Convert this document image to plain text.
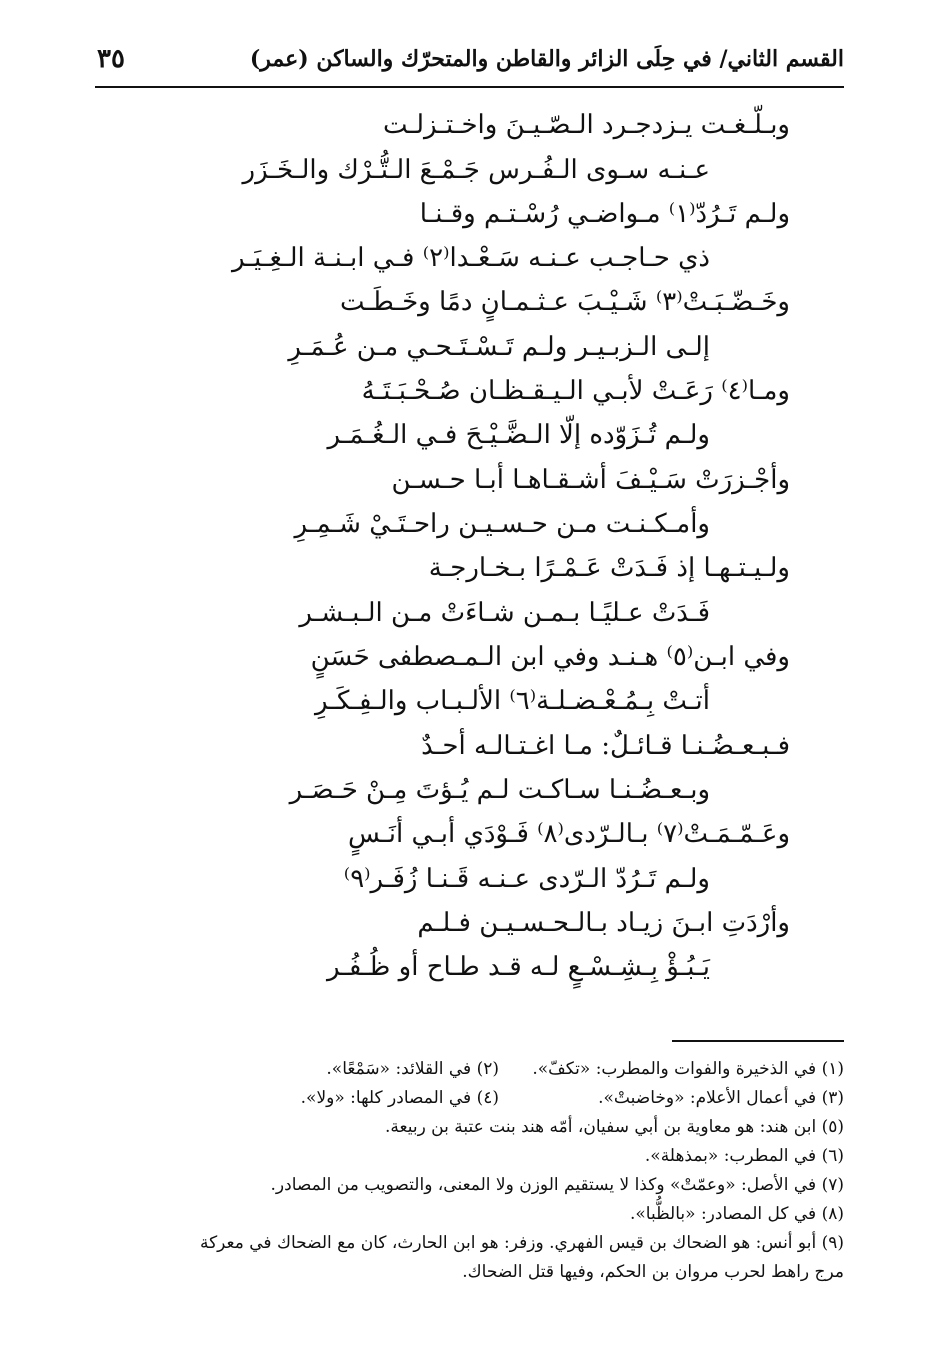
القسم الثاني/ في حِلَى الزائر والقاطن والمتحرّك والساكن (عمر)
٣٥
وبـلّـغـت يـزدجـرد الـصّـيـنَ واخـتـزلـت
عـنـه سـوى الـفُـرس جَـمْـعَ الـتُّـرْك والـخَـزَر
ولـم تَـرُدّ⁽١⁾ مـواضـي رُسْـتـم وقـنـا
ذي حـاجـب عـنـه سَـعْـدا⁽٢⁾ فـي ابـنـة الـغِـيَـر
وخَـضّـبَـتْ⁽٣⁾ شَـيْـبَ عـثـمـانٍ دمًا وخَـطَـت
إلـى الـزبـيـر ولـم تَـسْـتَـحـي مـن عُـمَـرِ
ومـا⁽٤⁾ رَعَـتْ لأبـي الـيـقـظـان صُـحْـبَـتَـهُ
ولـم تُـزَوّده إلّا الـضَّـيْـحَ فـي الـغُـمَـر
وأجْـزرَتْ سَـيْـفَ أشـقـاهـا أبـا حـسـن
وأمـكـنـت مـن حـسـيـن راحـتَـيْ شَـمِـرِ
ولـيـتـهـا إذ فَـدَتْ عَـمْـرًا بـخـارجـة
فَـدَتْ عـليًـا بـمـن شـاءَتْ مـن الـبـشـر
وفي ابـن⁽٥⁾ هـنـد وفي ابن الـمـصطفى حَسَنٍ
أتـتْ بِـمُـعْـضـلـة⁽٦⁾ الألـبـاب والـفِـكَـرِ
فـبـعـضُـنـا قـائـلٌ: مـا اغـتـالـه أحـدٌ
وبـعـضُـنـا سـاكـت لـم يُـؤتَ مِـنْ حَـصَـر
وعَـمّـمَـتْ⁽٧⁾ بـالـرّدى⁽٨⁾ فَـوْدَي أبـي أنَـسٍ
ولـم تَـرُدّ الـرّدى عـنـه قَـنـا زُفَـر⁽٩⁾
وأرْدَتِ ابـنَ زيـاد بـالـحـسـيـن فـلـم
يَـبُـؤْ بِـشِـسْـعٍ لـه قـد طـاح أو ظُـفُـر
(١) في الذخيرة والفوات والمطرب: «تكفّ».
(٢) في القلائد: «سَمْعًا».
(٣) في أعمال الأعلام: «وخاضبتْ».
(٤) في المصادر كلها: «ولا».
(٥) ابن هند: هو معاوية بن أبي سفيان، أمّه هند بنت عتبة بن ربيعة.
(٦) في المطرب: «بمذهلة».
(٧) في الأصل: «وعمّتْ» وكذا لا يستقيم الوزن ولا المعنى، والتصويب من المصادر.
(٨) في كل المصادر: «بالظُّبا».
(٩) أبو أنس: هو الضحاك بن قيس الفهري. وزفر: هو ابن الحارث، كان مع الضحاك في معركة
مرج راهط لحرب مروان بن الحكم، وفيها قتل الضحاك.
